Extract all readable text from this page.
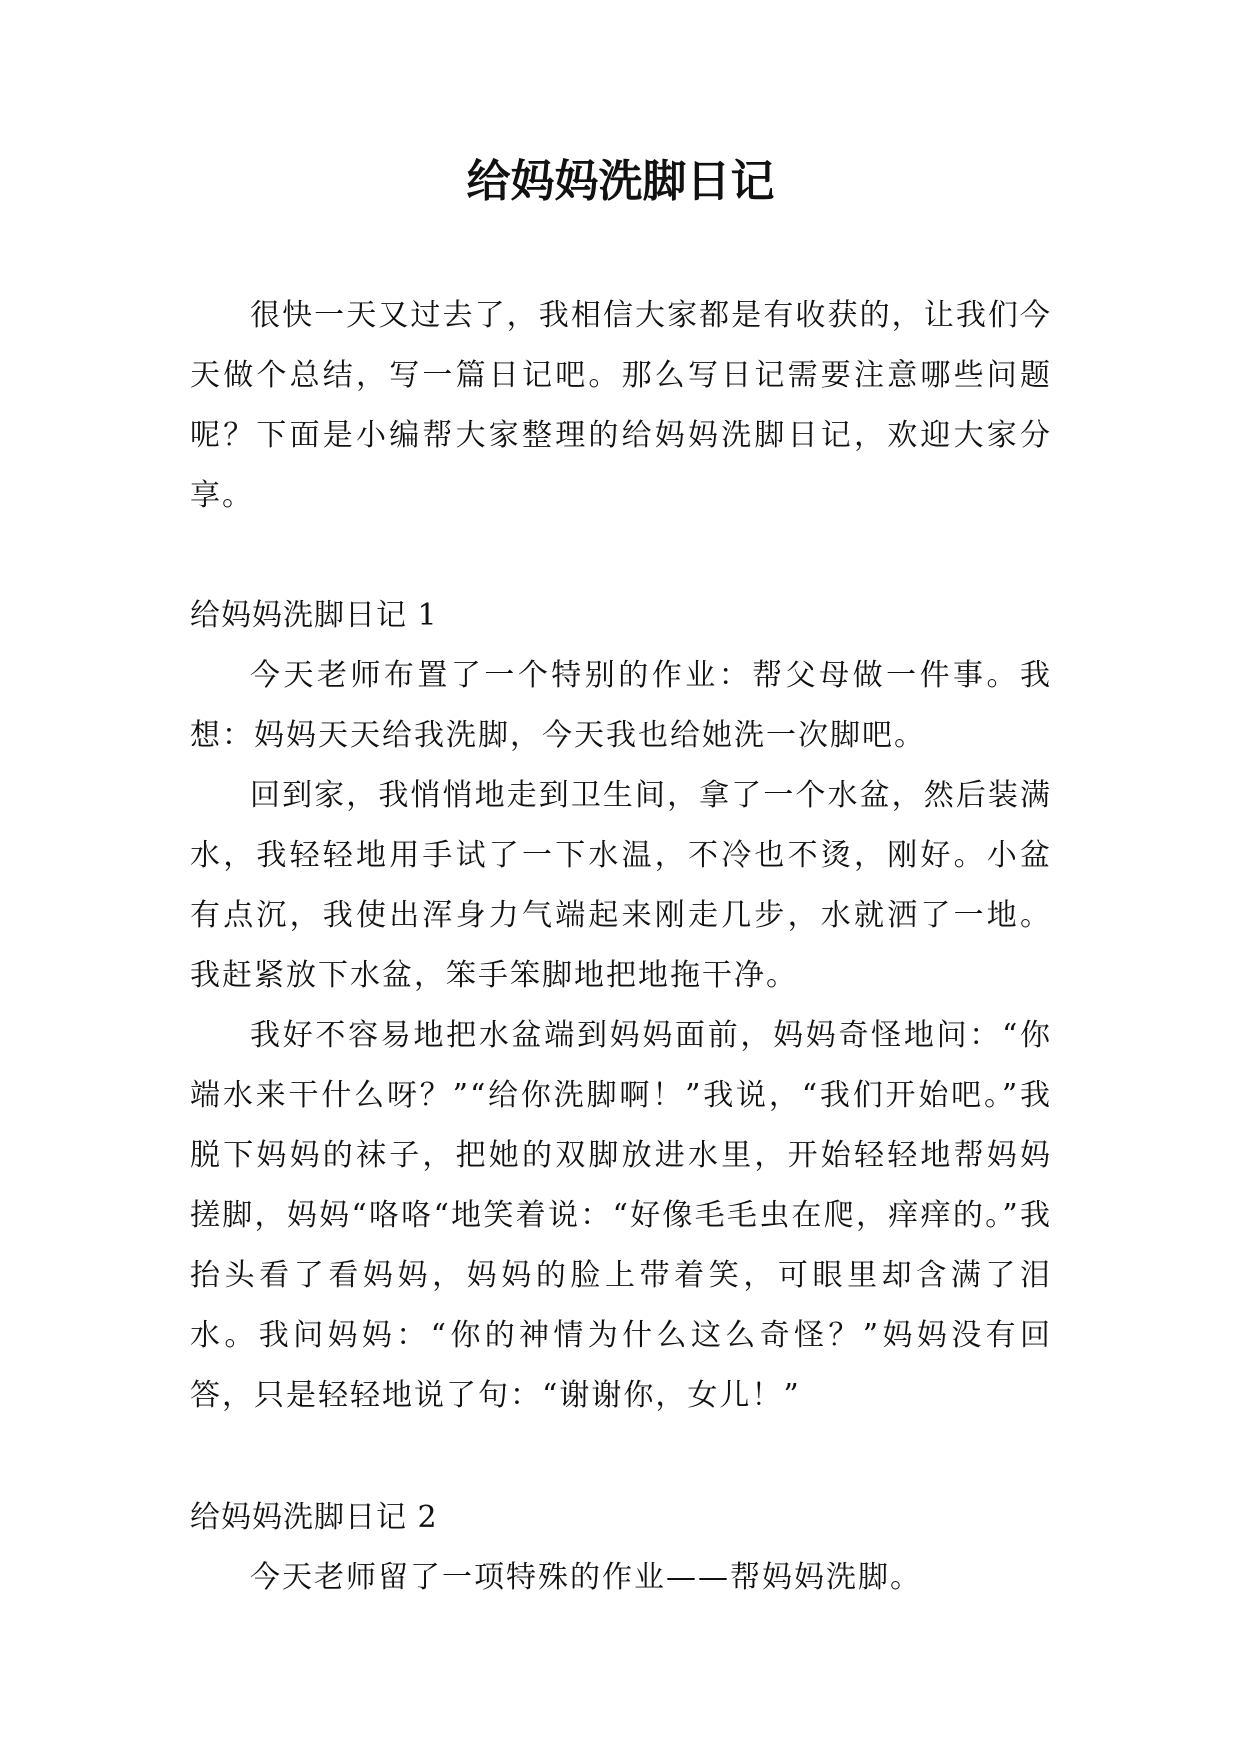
给妈妈洗脚日记

很快一天又过去了，我相信大家都是有收获的，让我们今天做个总结，写一篇日记吧。那么写日记需要注意哪些问题呢？下面是小编帮大家整理的给妈妈洗脚日记，欢迎大家分享。

给妈妈洗脚日记 1

今天老师布置了一个特别的作业：帮父母做一件事。我想：妈妈天天给我洗脚，今天我也给她洗一次脚吧。

回到家，我悄悄地走到卫生间，拿了一个水盆，然后装满水，我轻轻地用手试了一下水温，不冷也不烫，刚好。小盆有点沉，我使出浑身力气端起来刚走几步，水就洒了一地。我赶紧放下水盆，笨手笨脚地把地拖干净。

我好不容易地把水盆端到妈妈面前，妈妈奇怪地问：“你端水来干什么呀？”“给你洗脚啊！”我说，“我们开始吧。”我脱下妈妈的袜子，把她的双脚放进水里，开始轻轻地帮妈妈搓脚，妈妈“咯咯“地笑着说：“好像毛毛虫在爬，痒痒的。”我抬头看了看妈妈，妈妈的脸上带着笑，可眼里却含满了泪水。我问妈妈：“你的神情为什么这么奇怪？”妈妈没有回答，只是轻轻地说了句：“谢谢你，女儿！”

给妈妈洗脚日记 2

今天老师留了一项特殊的作业——帮妈妈洗脚。
